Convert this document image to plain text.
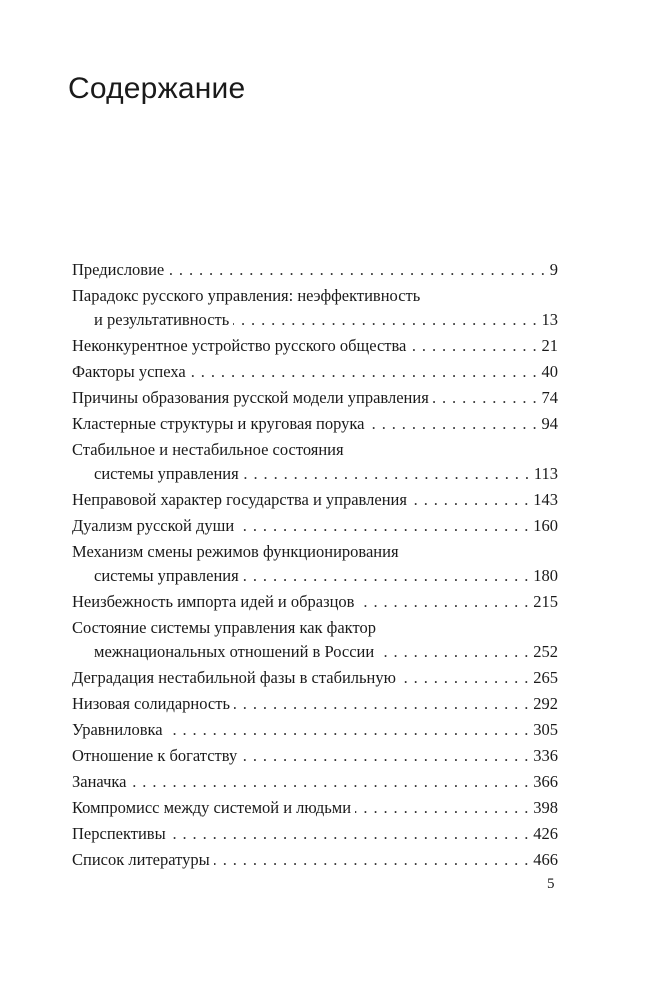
Содержание
Предисловие . . .	9
Парадокс русского управления: неэффективность
и результативность . . .	13
Неконкурентное устройство русского общества . . .	21
Факторы успеха . . .	40
Причины образования русской модели управления . . .	74
Кластерные структуры и круговая порука . . .	94
Стабильное и нестабильное состояния
системы управления . . .	113
Неправовой характер государства и управления . . .	143
Дуализм русской души . . .	160
Механизм смены режимов функционирования
системы управления . . .	180
Неизбежность импорта идей и образцов . . .	215
Состояние системы управления как фактор
межнациональных отношений в России . . .	252
Деградация нестабильной фазы в стабильную . . .	265
Низовая солидарность . . .	292
Уравниловка . . .	305
Отношение к богатству . . .	336
Заначка . . .	366
Компромисс между системой и людьми . . .	398
Перспективы . . .	426
Список литературы . . .	466
5
